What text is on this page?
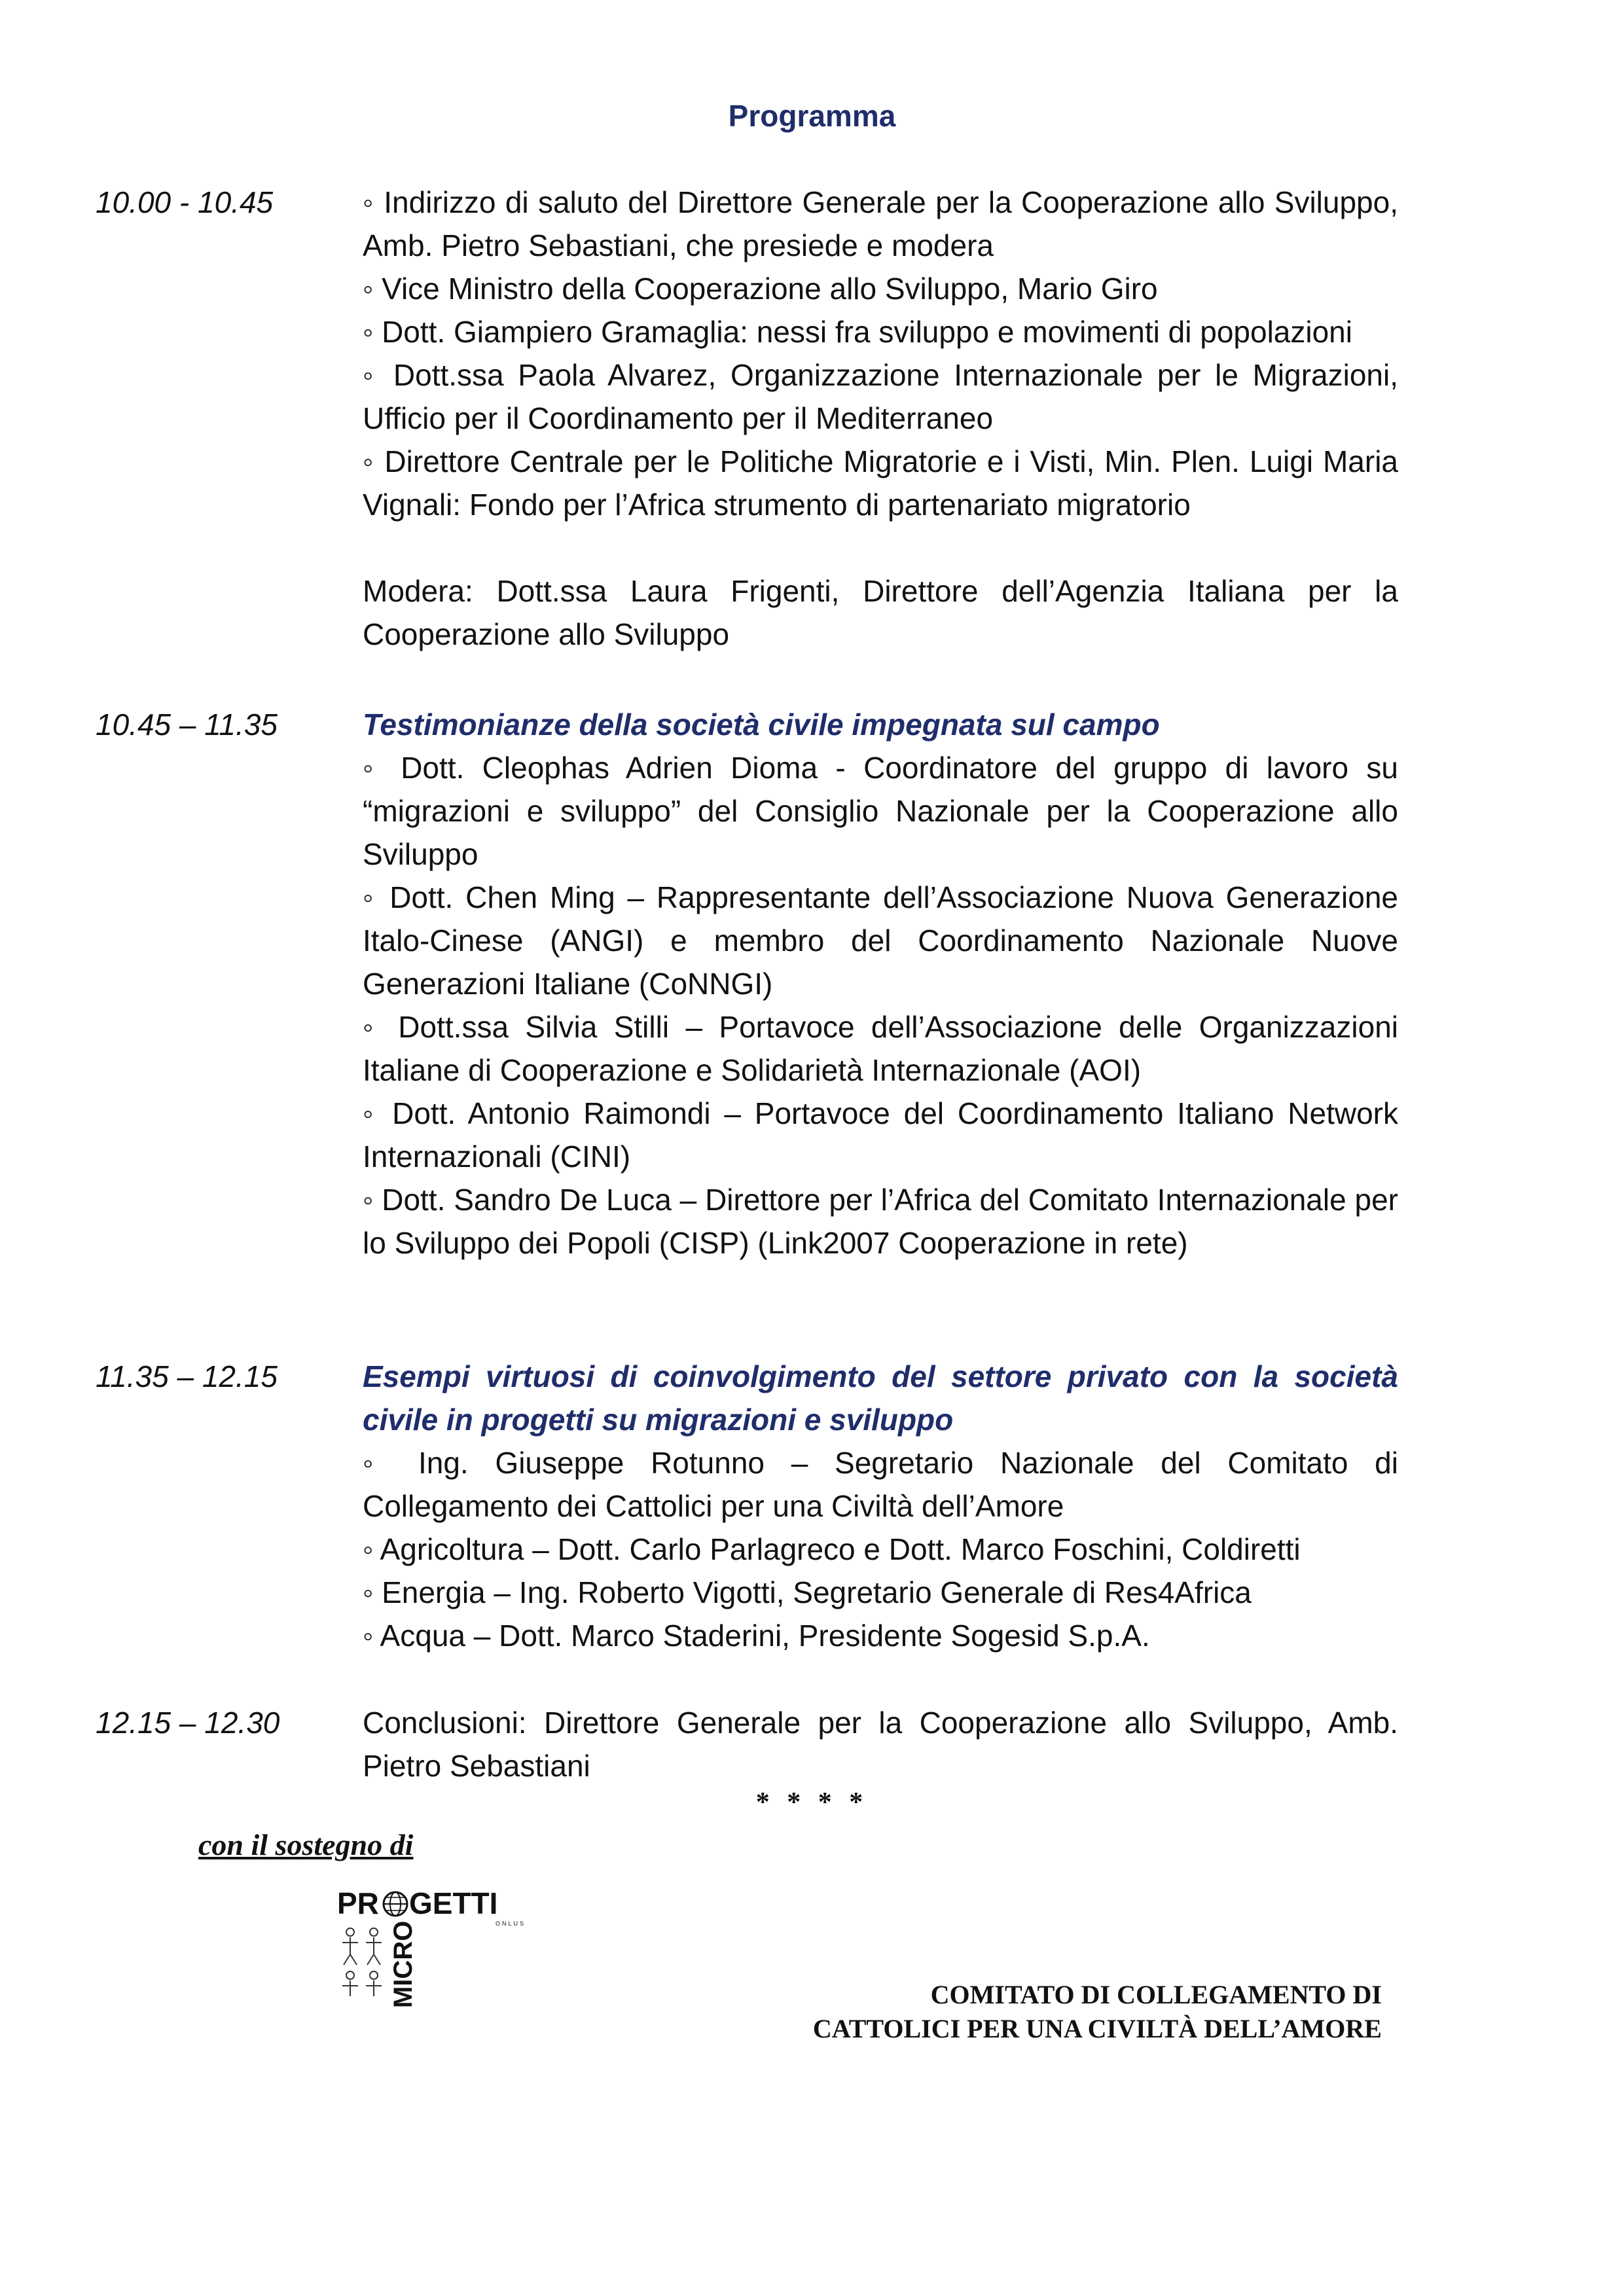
Programma
10.00 - 10.45	◦ Indirizzo di saluto del Direttore Generale per la Cooperazione allo Sviluppo, Amb. Pietro Sebastiani, che presiede e modera

◦ Vice Ministro della Cooperazione allo Sviluppo, Mario Giro

◦ Dott. Giampiero Gramaglia: nessi fra sviluppo e movimenti di popolazioni

◦ Dott.ssa Paola Alvarez, Organizzazione Internazionale per le Migrazioni, Ufficio per il Coordinamento per il Mediterraneo

◦ Direttore Centrale per le Politiche Migratorie e i Visti, Min. Plen. Luigi Maria Vignali: Fondo per l’Africa strumento di partenariato migratorio

Modera: Dott.ssa Laura Frigenti, Direttore dell’Agenzia Italiana per la Cooperazione allo Sviluppo

10.45 – 11.35	Testimonianze della società civile impegnata sul campo

◦ Dott. Cleophas Adrien Dioma - Coordinatore del gruppo di lavoro su “migrazioni e sviluppo” del Consiglio Nazionale per la Cooperazione allo Sviluppo

◦ Dott. Chen Ming – Rappresentante dell’Associazione Nuova Generazione Italo-Cinese (ANGI) e membro del Coordinamento Nazionale Nuove Generazioni Italiane (CoNNGI)

◦ Dott.ssa Silvia Stilli – Portavoce dell’Associazione delle Organizzazioni Italiane di Cooperazione e Solidarietà Internazionale (AOI)

◦ Dott. Antonio Raimondi – Portavoce del Coordinamento Italiano Network Internazionali (CINI)

◦ Dott. Sandro De Luca – Direttore per l’Africa del Comitato Internazionale per lo Sviluppo dei Popoli (CISP) (Link2007 Cooperazione in rete)

11.35 – 12.15	Esempi virtuosi di coinvolgimento del settore privato con la società civile in progetti su migrazioni e sviluppo

◦ Ing. Giuseppe Rotunno – Segretario Nazionale del Comitato di Collegamento dei Cattolici per una Civiltà dell’Amore

◦ Agricoltura – Dott. Carlo Parlagreco e Dott. Marco Foschini, Coldiretti

◦ Energia – Ing. Roberto Vigotti, Segretario Generale di Res4Africa

◦ Acqua – Dott. Marco Staderini, Presidente Sogesid S.p.A.

12.15 – 12.30	Conclusioni: Direttore Generale per la Cooperazione allo Sviluppo, Amb. Pietro Sebastiani

* * * *
con il sostegno di
PR GETTI
ONLUS
MICRO	COMITATO DI COLLEGAMENTO DI
CATTOLICI PER UNA CIVILTÀ DELL’AMORE
